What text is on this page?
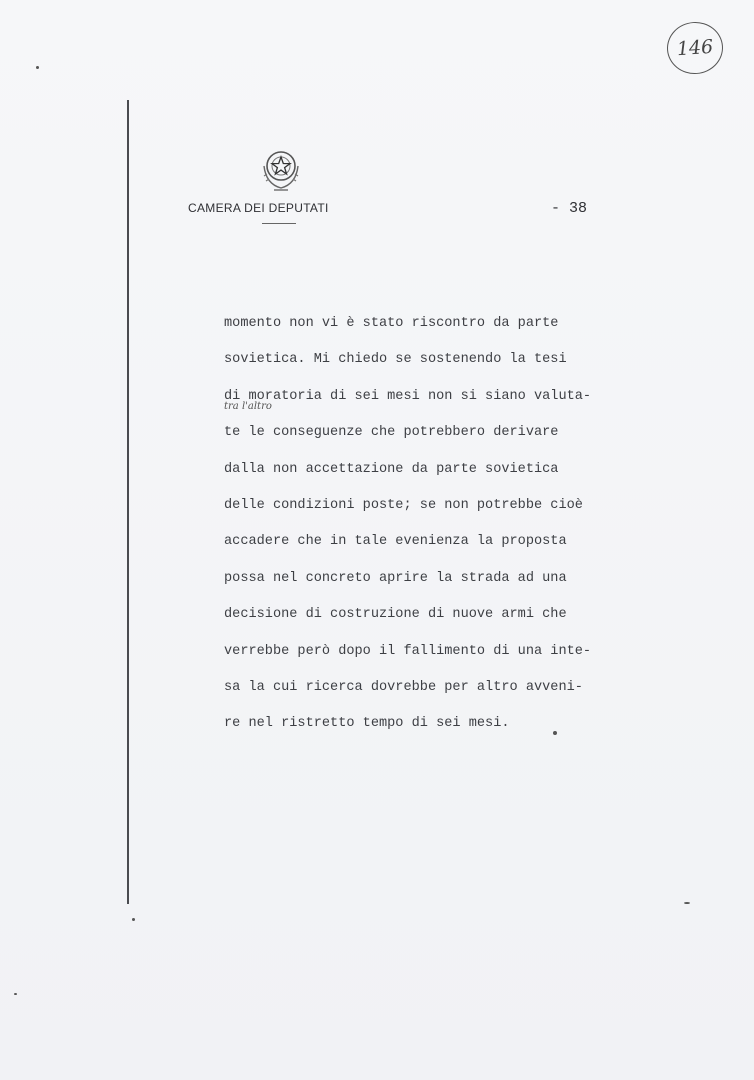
146
CAMERA DEI DEPUTATI	- 38
tra l'altro
momento non vi è stato riscontro da parte
sovietica. Mi chiedo se sostenendo la tesi
di moratoria di sei mesi non si siano valuta-
te le conseguenze che potrebbero derivare
dalla non accettazione da parte sovietica
delle condizioni poste; se non potrebbe cioè
accadere che in tale evenienza la proposta
possa nel concreto aprire la strada ad una
decisione di costruzione di nuove armi che
verrebbe però dopo il fallimento di una inte-
sa la cui ricerca dovrebbe per altro avveni-
re nel ristretto tempo di sei mesi.
